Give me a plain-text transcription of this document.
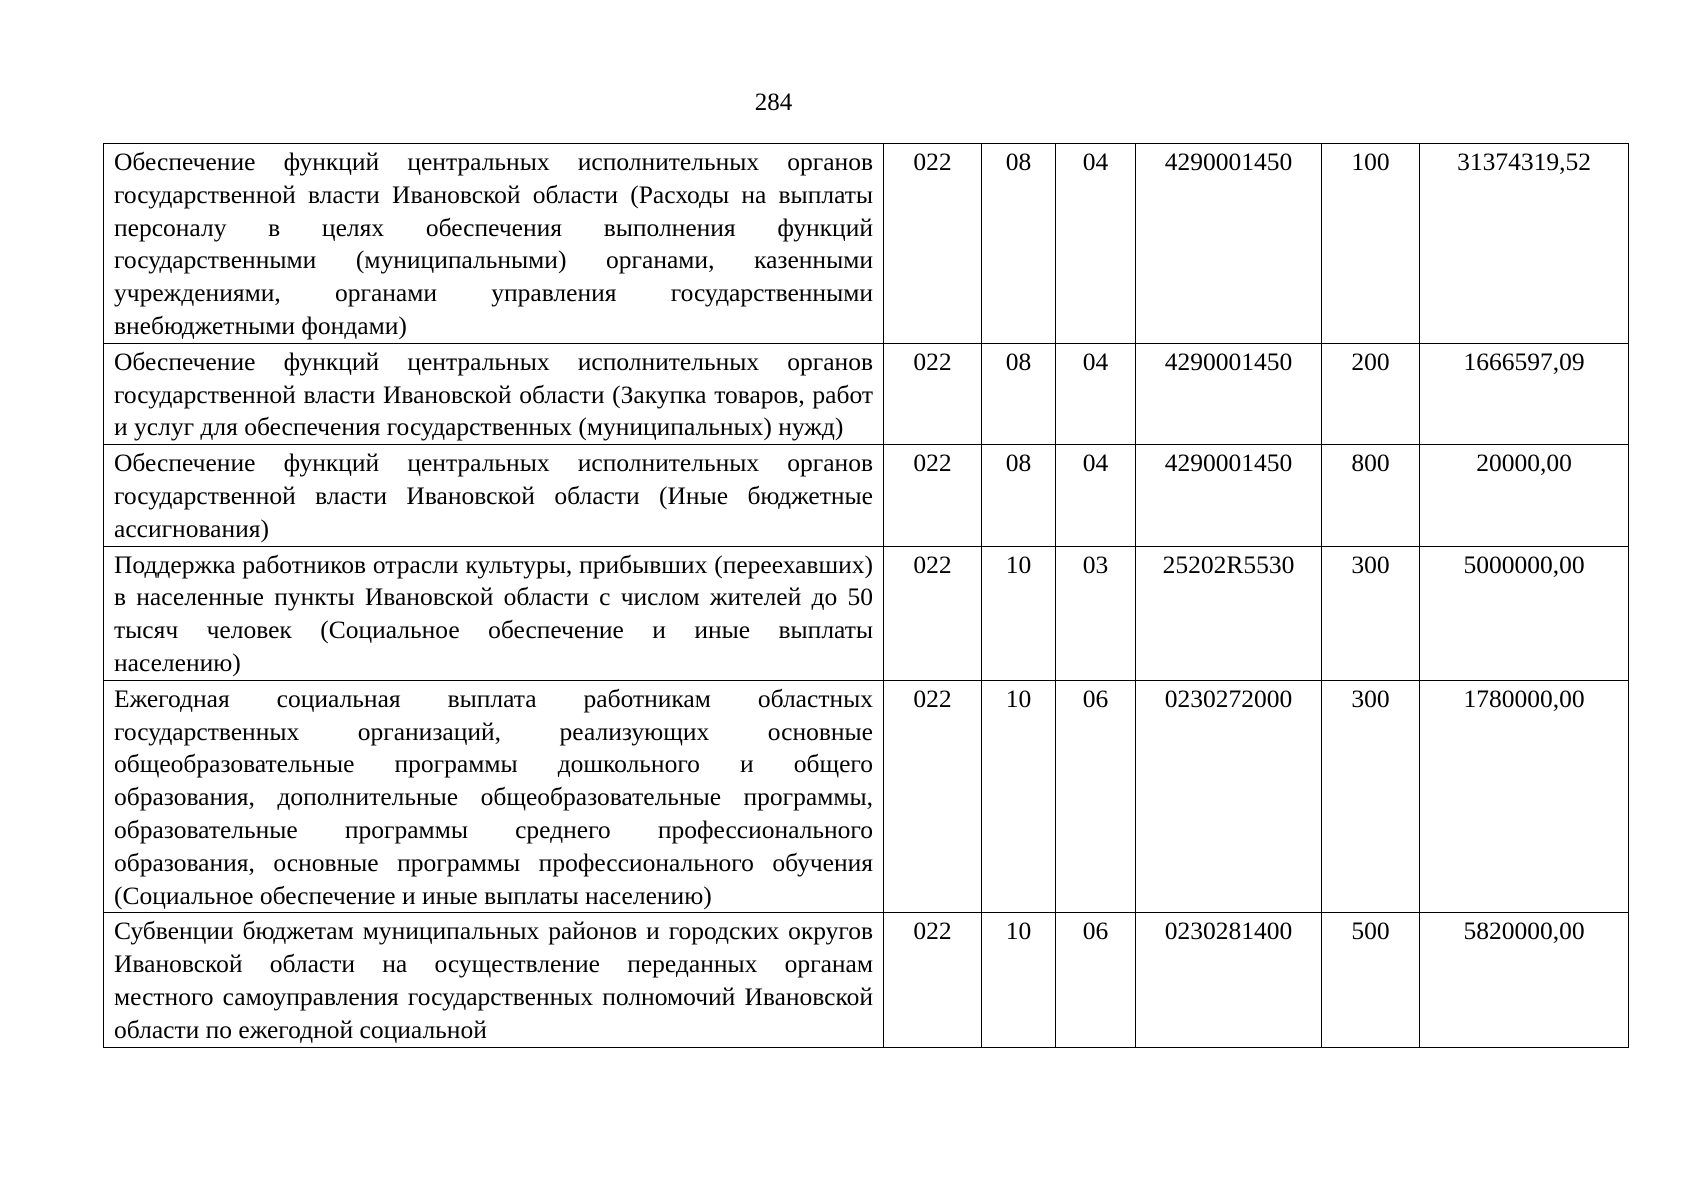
284
Обеспечение функций центральных исполнительных органов государственной власти Ивановской области (Расходы на выплаты персоналу в целях обеспечения выполнения функций государственными (муниципальными) органами, казенными учреждениями, органами управления государственными внебюджетными фондами)	022	08	04	4290001450	100	31374319,52
Обеспечение функций центральных исполнительных органов государственной власти Ивановской области (Закупка товаров, работ и услуг для обеспечения государственных (муниципальных) нужд)	022	08	04	4290001450	200	1666597,09
Обеспечение функций центральных исполнительных органов государственной власти Ивановской области (Иные бюджетные ассигнования)	022	08	04	4290001450	800	20000,00
Поддержка работников отрасли культуры, прибывших (переехавших) в населенные пункты Ивановской области с числом жителей до 50 тысяч человек (Социальное обеспечение и иные выплаты населению)	022	10	03	25202R5530	300	5000000,00
Ежегодная социальная выплата работникам областных государственных организаций, реализующих основные общеобразовательные программы дошкольного и общего образования, дополнительные общеобразовательные программы, образовательные программы среднего профессионального образования, основные программы профессионального обучения (Социальное обеспечение и иные выплаты населению)	022	10	06	0230272000	300	1780000,00
Субвенции бюджетам муниципальных районов и городских округов Ивановской области на осуществление переданных органам местного самоуправления государственных полномочий Ивановской области по ежегодной социальной	022	10	06	0230281400	500	5820000,00
